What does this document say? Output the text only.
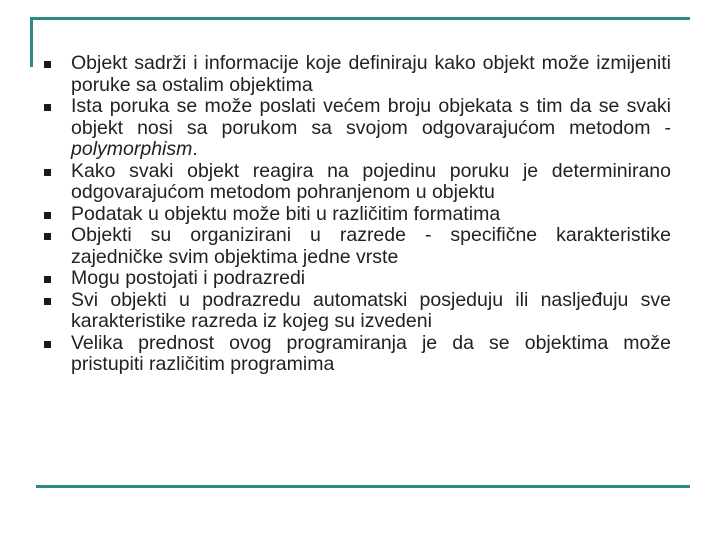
Objekt sadrži i informacije koje definiraju kako objekt može izmijeniti poruke sa ostalim objektima
Ista poruka se može poslati većem broju objekata s tim da se svaki objekt nosi sa porukom sa svojom odgovarajućom metodom - polymorphism.
Kako svaki objekt reagira na pojedinu poruku je determinirano odgovarajućom metodom pohranjenom u objektu
Podatak u objektu može biti u različitim formatima
Objekti su organizirani u razrede - specifične karakteristike zajedničke svim objektima jedne vrste
Mogu postojati i podrazredi
Svi objekti u podrazredu automatski posjeduju ili nasljeđuju sve karakteristike razreda iz kojeg su izvedeni
Velika prednost ovog programiranja je da se objektima može pristupiti različitim programima
